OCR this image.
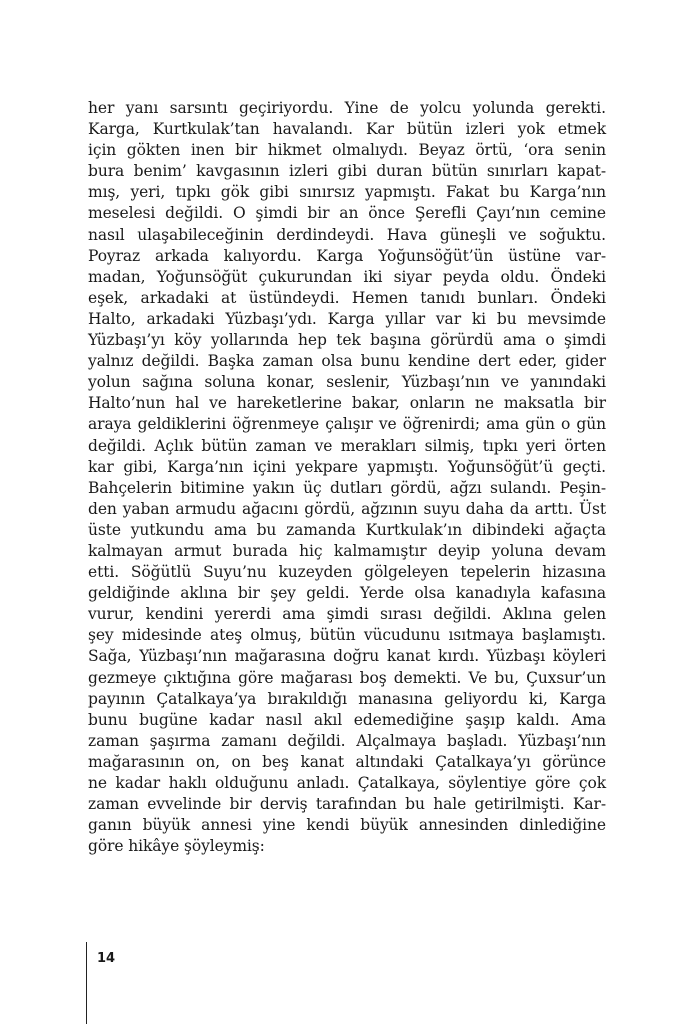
her yanı sarsıntı geçiriyordu. Yine de yolcu yolunda gerekti.
Karga, Kurtkulak’tan havalandı. Kar bütün izleri yok etmek
için gökten inen bir hikmet olmalıydı. Beyaz örtü, ‘ora senin
bura benim’ kavgasının izleri gibi duran bütün sınırları kapat-
mış, yeri, tıpkı gök gibi sınırsız yapmıştı. Fakat bu Karga’nın
meselesi değildi. O şimdi bir an önce Şerefli Çayı’nın cemine
nasıl ulaşabileceğinin derdindeydi. Hava güneşli ve soğuktu.
Poyraz arkada kalıyordu. Karga Yoğunsöğüt’ün üstüne var-
madan, Yoğunsöğüt çukurundan iki siyar peyda oldu. Öndeki
eşek, arkadaki at üstündeydi. Hemen tanıdı bunları. Öndeki
Halto, arkadaki Yüzbaşı’ydı. Karga yıllar var ki bu mevsimde
Yüzbaşı’yı köy yollarında hep tek başına görürdü ama o şimdi
yalnız değildi. Başka zaman olsa bunu kendine dert eder, gider
yolun sağına soluna konar, seslenir, Yüzbaşı’nın ve yanındaki
Halto’nun hal ve hareketlerine bakar, onların ne maksatla bir
araya geldiklerini öğrenmeye çalışır ve öğrenirdi; ama gün o gün
değildi. Açlık bütün zaman ve merakları silmiş, tıpkı yeri örten
kar gibi, Karga’nın içini yekpare yapmıştı. Yoğunsöğüt’ü geçti.
Bahçelerin bitimine yakın üç dutları gördü, ağzı sulandı. Peşin-
den yaban armudu ağacını gördü, ağzının suyu daha da arttı. Üst
üste yutkundu ama bu zamanda Kurtkulak’ın dibindeki ağaçta
kalmayan armut burada hiç kalmamıştır deyip yoluna devam
etti. Söğütlü Suyu’nu kuzeyden gölgeleyen tepelerin hizasına
geldiğinde aklına bir şey geldi. Yerde olsa kanadıyla kafasına
vurur, kendini yererdi ama şimdi sırası değildi. Aklına gelen
şey midesinde ateş olmuş, bütün vücudunu ısıtmaya başlamıştı.
Sağa, Yüzbaşı’nın mağarasına doğru kanat kırdı. Yüzbaşı köyleri
gezmeye çıktığına göre mağarası boş demekti. Ve bu, Çuxsur’un
payının Çatalkaya’ya bırakıldığı manasına geliyordu ki, Karga
bunu bugüne kadar nasıl akıl edemediğine şaşıp kaldı. Ama
zaman şaşırma zamanı değildi. Alçalmaya başladı. Yüzbaşı’nın
mağarasının on, on beş kanat altındaki Çatalkaya’yı görünce
ne kadar haklı olduğunu anladı. Çatalkaya, söylentiye göre çok
zaman evvelinde bir derviş tarafından bu hale getirilmişti. Kar-
ganın büyük annesi yine kendi büyük annesinden dinlediğine
göre hikâye şöyleymiş:
14
